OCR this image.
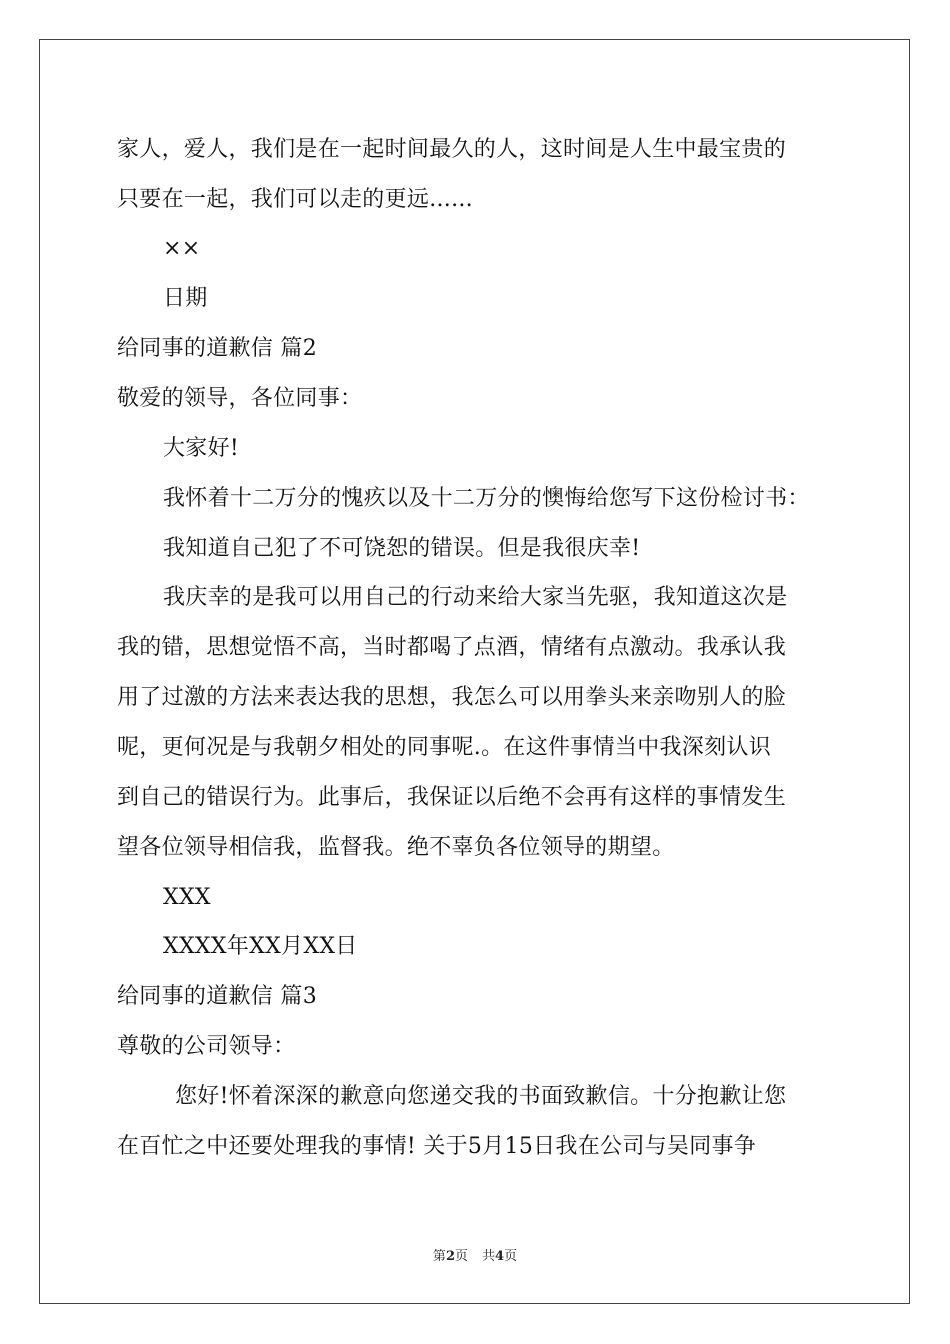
家人，爱人，我们是在一起时间最久的人，这时间是人生中最宝贵的
只要在一起，我们可以走的更远......
××
日期
给同事的道歉信 篇2
敬爱的领导，各位同事：
大家好!
我怀着十二万分的愧疚以及十二万分的懊悔给您写下这份检讨书：
我知道自己犯了不可饶恕的错误。但是我很庆幸!
我庆幸的是我可以用自己的行动来给大家当先驱，我知道这次是
我的错，思想觉悟不高，当时都喝了点酒，情绪有点激动。我承认我
用了过激的方法来表达我的思想，我怎么可以用拳头来亲吻别人的脸
呢，更何况是与我朝夕相处的同事呢.。在这件事情当中我深刻认识
到自己的错误行为。此事后，我保证以后绝不会再有这样的事情发生
望各位领导相信我，监督我。绝不辜负各位领导的期望。
XXX
XXXX年XX月XX日
给同事的道歉信 篇3
尊敬的公司领导：
您好!怀着深深的歉意向您递交我的书面致歉信。十分抱歉让您
在百忙之中还要处理我的事情! 关于5月15日我在公司与吴同事争
第2页 共4页
